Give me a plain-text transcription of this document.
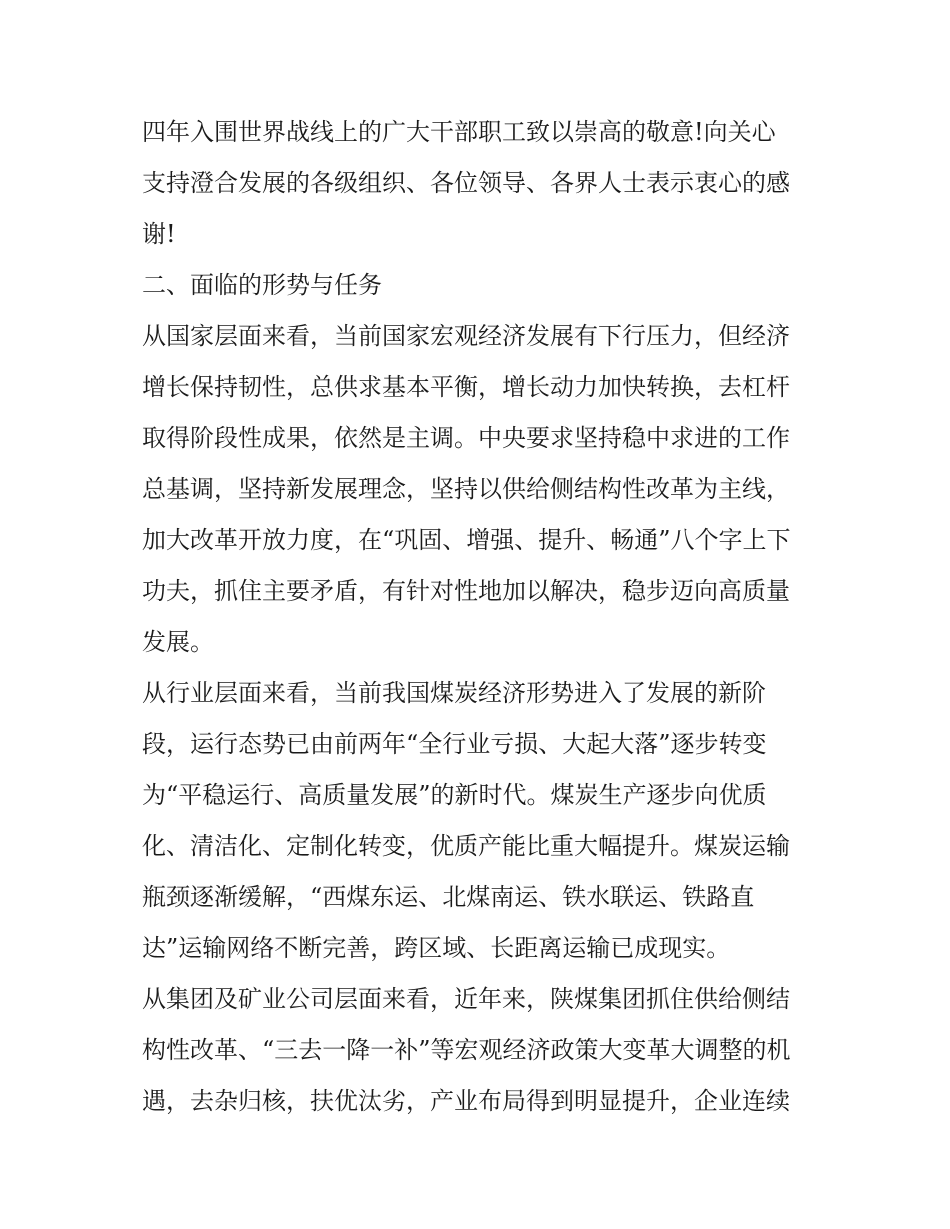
四年入围世界战线上的广大干部职工致以崇高的敬意!向关心
支持澄合发展的各级组织、各位领导、各界人士表示衷心的感
谢!
二、面临的形势与任务
从国家层面来看，当前国家宏观经济发展有下行压力，但经济
增长保持韧性，总供求基本平衡，增长动力加快转换，去杠杆
取得阶段性成果，依然是主调。中央要求坚持稳中求进的工作
总基调，坚持新发展理念，坚持以供给侧结构性改革为主线，
加大改革开放力度，在“巩固、增强、提升、畅通”八个字上下
功夫，抓住主要矛盾，有针对性地加以解决，稳步迈向高质量
发展。
从行业层面来看，当前我国煤炭经济形势进入了发展的新阶
段，运行态势已由前两年“全行业亏损、大起大落”逐步转变
为“平稳运行、高质量发展”的新时代。煤炭生产逐步向优质
化、清洁化、定制化转变，优质产能比重大幅提升。煤炭运输
瓶颈逐渐缓解，“西煤东运、北煤南运、铁水联运、铁路直
达”运输网络不断完善，跨区域、长距离运输已成现实。
从集团及矿业公司层面来看，近年来，陕煤集团抓住供给侧结
构性改革、“三去一降一补”等宏观经济政策大变革大调整的机
遇，去杂归核，扶优汰劣，产业布局得到明显提升，企业连续
